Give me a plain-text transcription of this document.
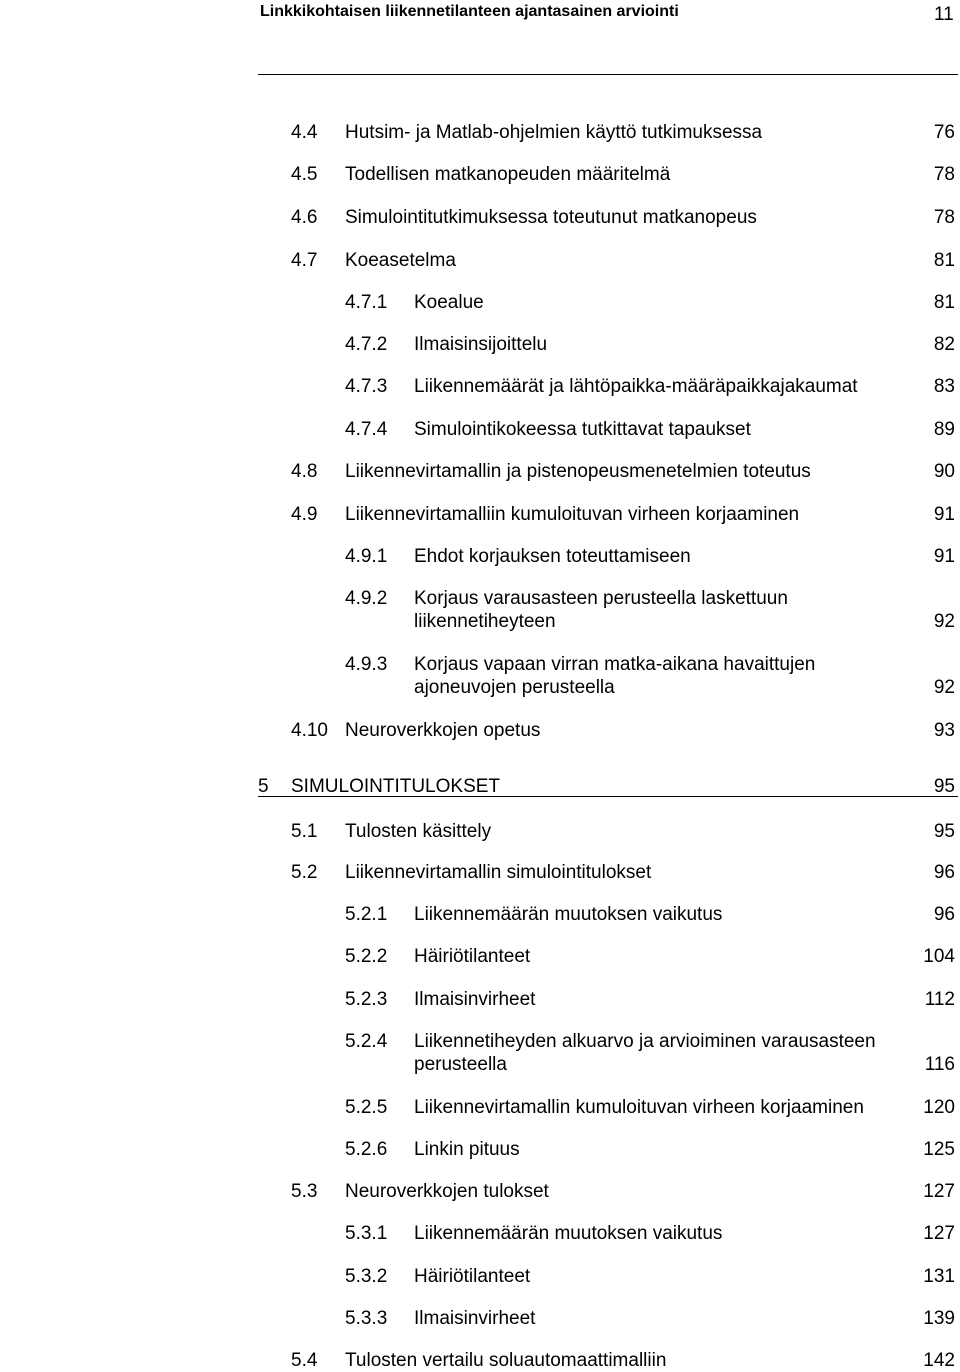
Linkkikohtaisen liikennetilanteen ajantasainen arviointi	11
4.4 Hutsim- ja Matlab-ohjelmien käyttö tutkimuksessa	76
4.5 Todellisen matkanopeuden määritelmä	78
4.6 Simulointitutkimuksessa toteutunut matkanopeus	78
4.7 Koeasetelma	81
4.7.1 Koealue	81
4.7.2 Ilmaisinsijoittelu	82
4.7.3 Liikennemäärät ja lähtöpaikka-määräpaikkajakaumat	83
4.7.4 Simulointikokeessa tutkittavat tapaukset	89
4.8 Liikennevirtamallin ja pistenopeusmenetelmien toteutus	90
4.9 Liikennevirtamalliin kumuloituvan virheen korjaaminen	91
4.9.1 Ehdot korjauksen toteuttamiseen	91
4.9.2 Korjaus varausasteen perusteella laskettuun
liikennetiheyteen	92
4.9.3 Korjaus vapaan virran matka-aikana havaittujen
ajoneuvojen perusteella	92
4.10 Neuroverkkojen opetus	93
5 SIMULOINTITULOKSET	95
5.1 Tulosten käsittely	95
5.2 Liikennevirtamallin simulointitulokset	96
5.2.1 Liikennemäärän muutoksen vaikutus	96
5.2.2 Häiriötilanteet	104
5.2.3 Ilmaisinvirheet	112
5.2.4 Liikennetiheyden alkuarvo ja arvioiminen varausasteen
perusteella	116
5.2.5 Liikennevirtamallin kumuloituvan virheen korjaaminen	120
5.2.6 Linkin pituus	125
5.3 Neuroverkkojen tulokset	127
5.3.1 Liikennemäärän muutoksen vaikutus	127
5.3.2 Häiriötilanteet	131
5.3.3 Ilmaisinvirheet	139
5.4 Tulosten vertailu soluautomaattimalliin	142
